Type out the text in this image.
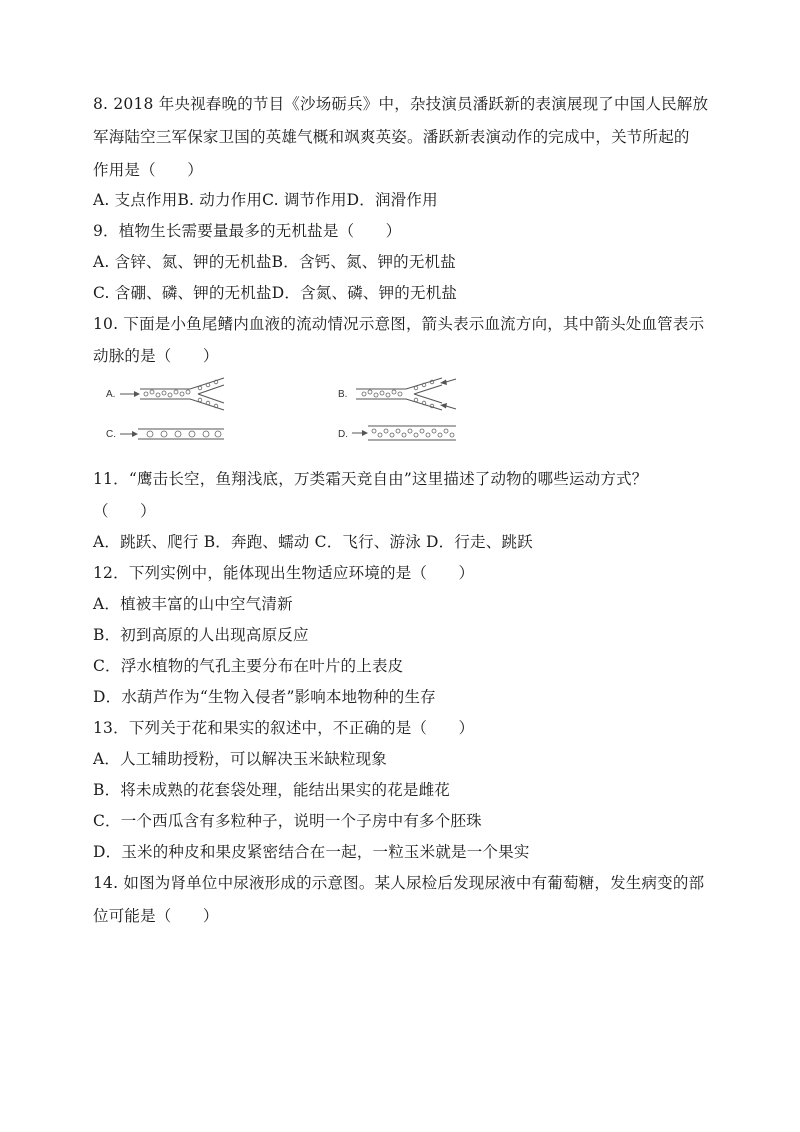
8. 2018 年央视春晚的节目《沙场砺兵》中，杂技演员潘跃新的表演展现了中国人民解放
军海陆空三军保家卫国的英雄气概和飒爽英姿。潘跃新表演动作的完成中，关节所起的
作用是（　　）
A. 支点作用B. 动力作用C. 调节作用D．润滑作用
9．植物生长需要量最多的无机盐是（　　）
A. 含锌、氮、钾的无机盐B．含钙、氮、钾的无机盐
C. 含硼、磷、钾的无机盐D．含氮、磷、钾的无机盐
10. 下面是小鱼尾鳍内血液的流动情况示意图，箭头表示血流方向，其中箭头处血管表示
动脉的是（　　）
A.	B.
C.	D.
11．“鹰击长空，鱼翔浅底，万类霜天竞自由”这里描述了动物的哪些运动方式？
（　　）
A．跳跃、爬行 B．奔跑、蠕动 C．飞行、游泳 D．行走、跳跃
12．下列实例中，能体现出生物适应环境的是（　　）
A．植被丰富的山中空气清新
B．初到高原的人出现高原反应
C．浮水植物的气孔主要分布在叶片的上表皮
D．水葫芦作为“生物入侵者”影响本地物种的生存
13．下列关于花和果实的叙述中，不正确的是（　　）
A．人工辅助授粉，可以解决玉米缺粒现象
B．将未成熟的花套袋处理，能结出果实的花是雌花
C．一个西瓜含有多粒种子，说明一个子房中有多个胚珠
D．玉米的种皮和果皮紧密结合在一起，一粒玉米就是一个果实
14. 如图为肾单位中尿液形成的示意图。某人尿检后发现尿液中有葡萄糖，发生病变的部
位可能是（　　）
